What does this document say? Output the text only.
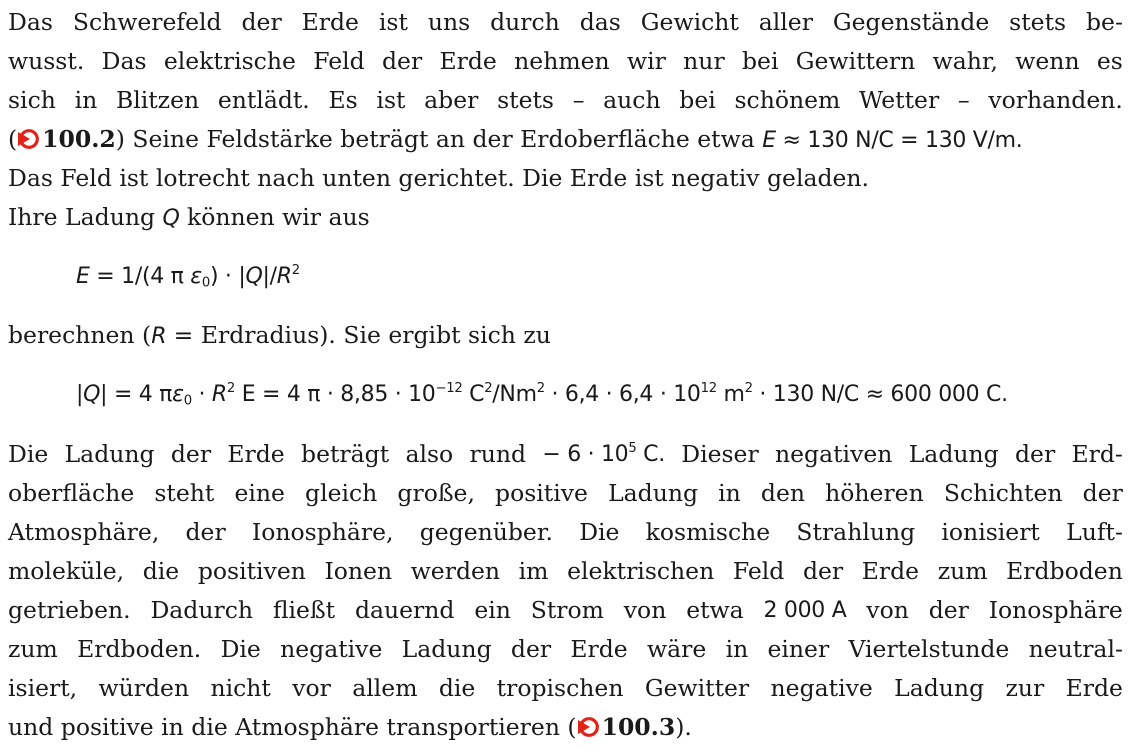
Das Schwerefeld der Erde ist uns durch das Gewicht aller Gegenstände stets be-
wusst. Das elektrische Feld der Erde nehmen wir nur bei Gewittern wahr, wenn es
sich in Blitzen entlädt. Es ist aber stets – auch bei schönem Wetter – vorhanden.
( 100.2) Seine Feldstärke beträgt an der Erdoberfläche etwa E ≈ 130 N/C = 130 V/m.
Das Feld ist lotrecht nach unten gerichtet. Die Erde ist negativ geladen.
Ihre Ladung Q können wir aus
E = 1/(4 π $\varepsilon_0) \cdot |Q|/R^2$
berechnen (R = Erdradius). Sie ergibt sich zu
|Q| = 4 $\pi\varepsilon_0 \cdot R^2$ E = 4 $\pi \cdot 8,85 \cdot 10^{-12}$ $C^2/Nm^2 \cdot 6,4 \cdot 6,4 \cdot 10^{12}$ $m^2 \cdot 130$ N/C ≈ 600 000 C.
Die Ladung der Erde beträgt also rund − $6 \cdot 10^5$ C. Dieser negativen Ladung der Erd-
oberfläche steht eine gleich große, positive Ladung in den höheren Schichten der
Atmosphäre, der Ionosphäre, gegenüber. Die kosmische Strahlung ionisiert Luft-
moleküle, die positiven Ionen werden im elektrischen Feld der Erde zum Erdboden
getrieben. Dadurch fließt dauernd ein Strom von etwa 2 000 A von der Ionosphäre
zum Erdboden. Die negative Ladung der Erde wäre in einer Viertelstunde neutral-
isiert, würden nicht vor allem die tropischen Gewitter negative Ladung zur Erde
und positive in die Atmosphäre transportieren ( 100.3).
